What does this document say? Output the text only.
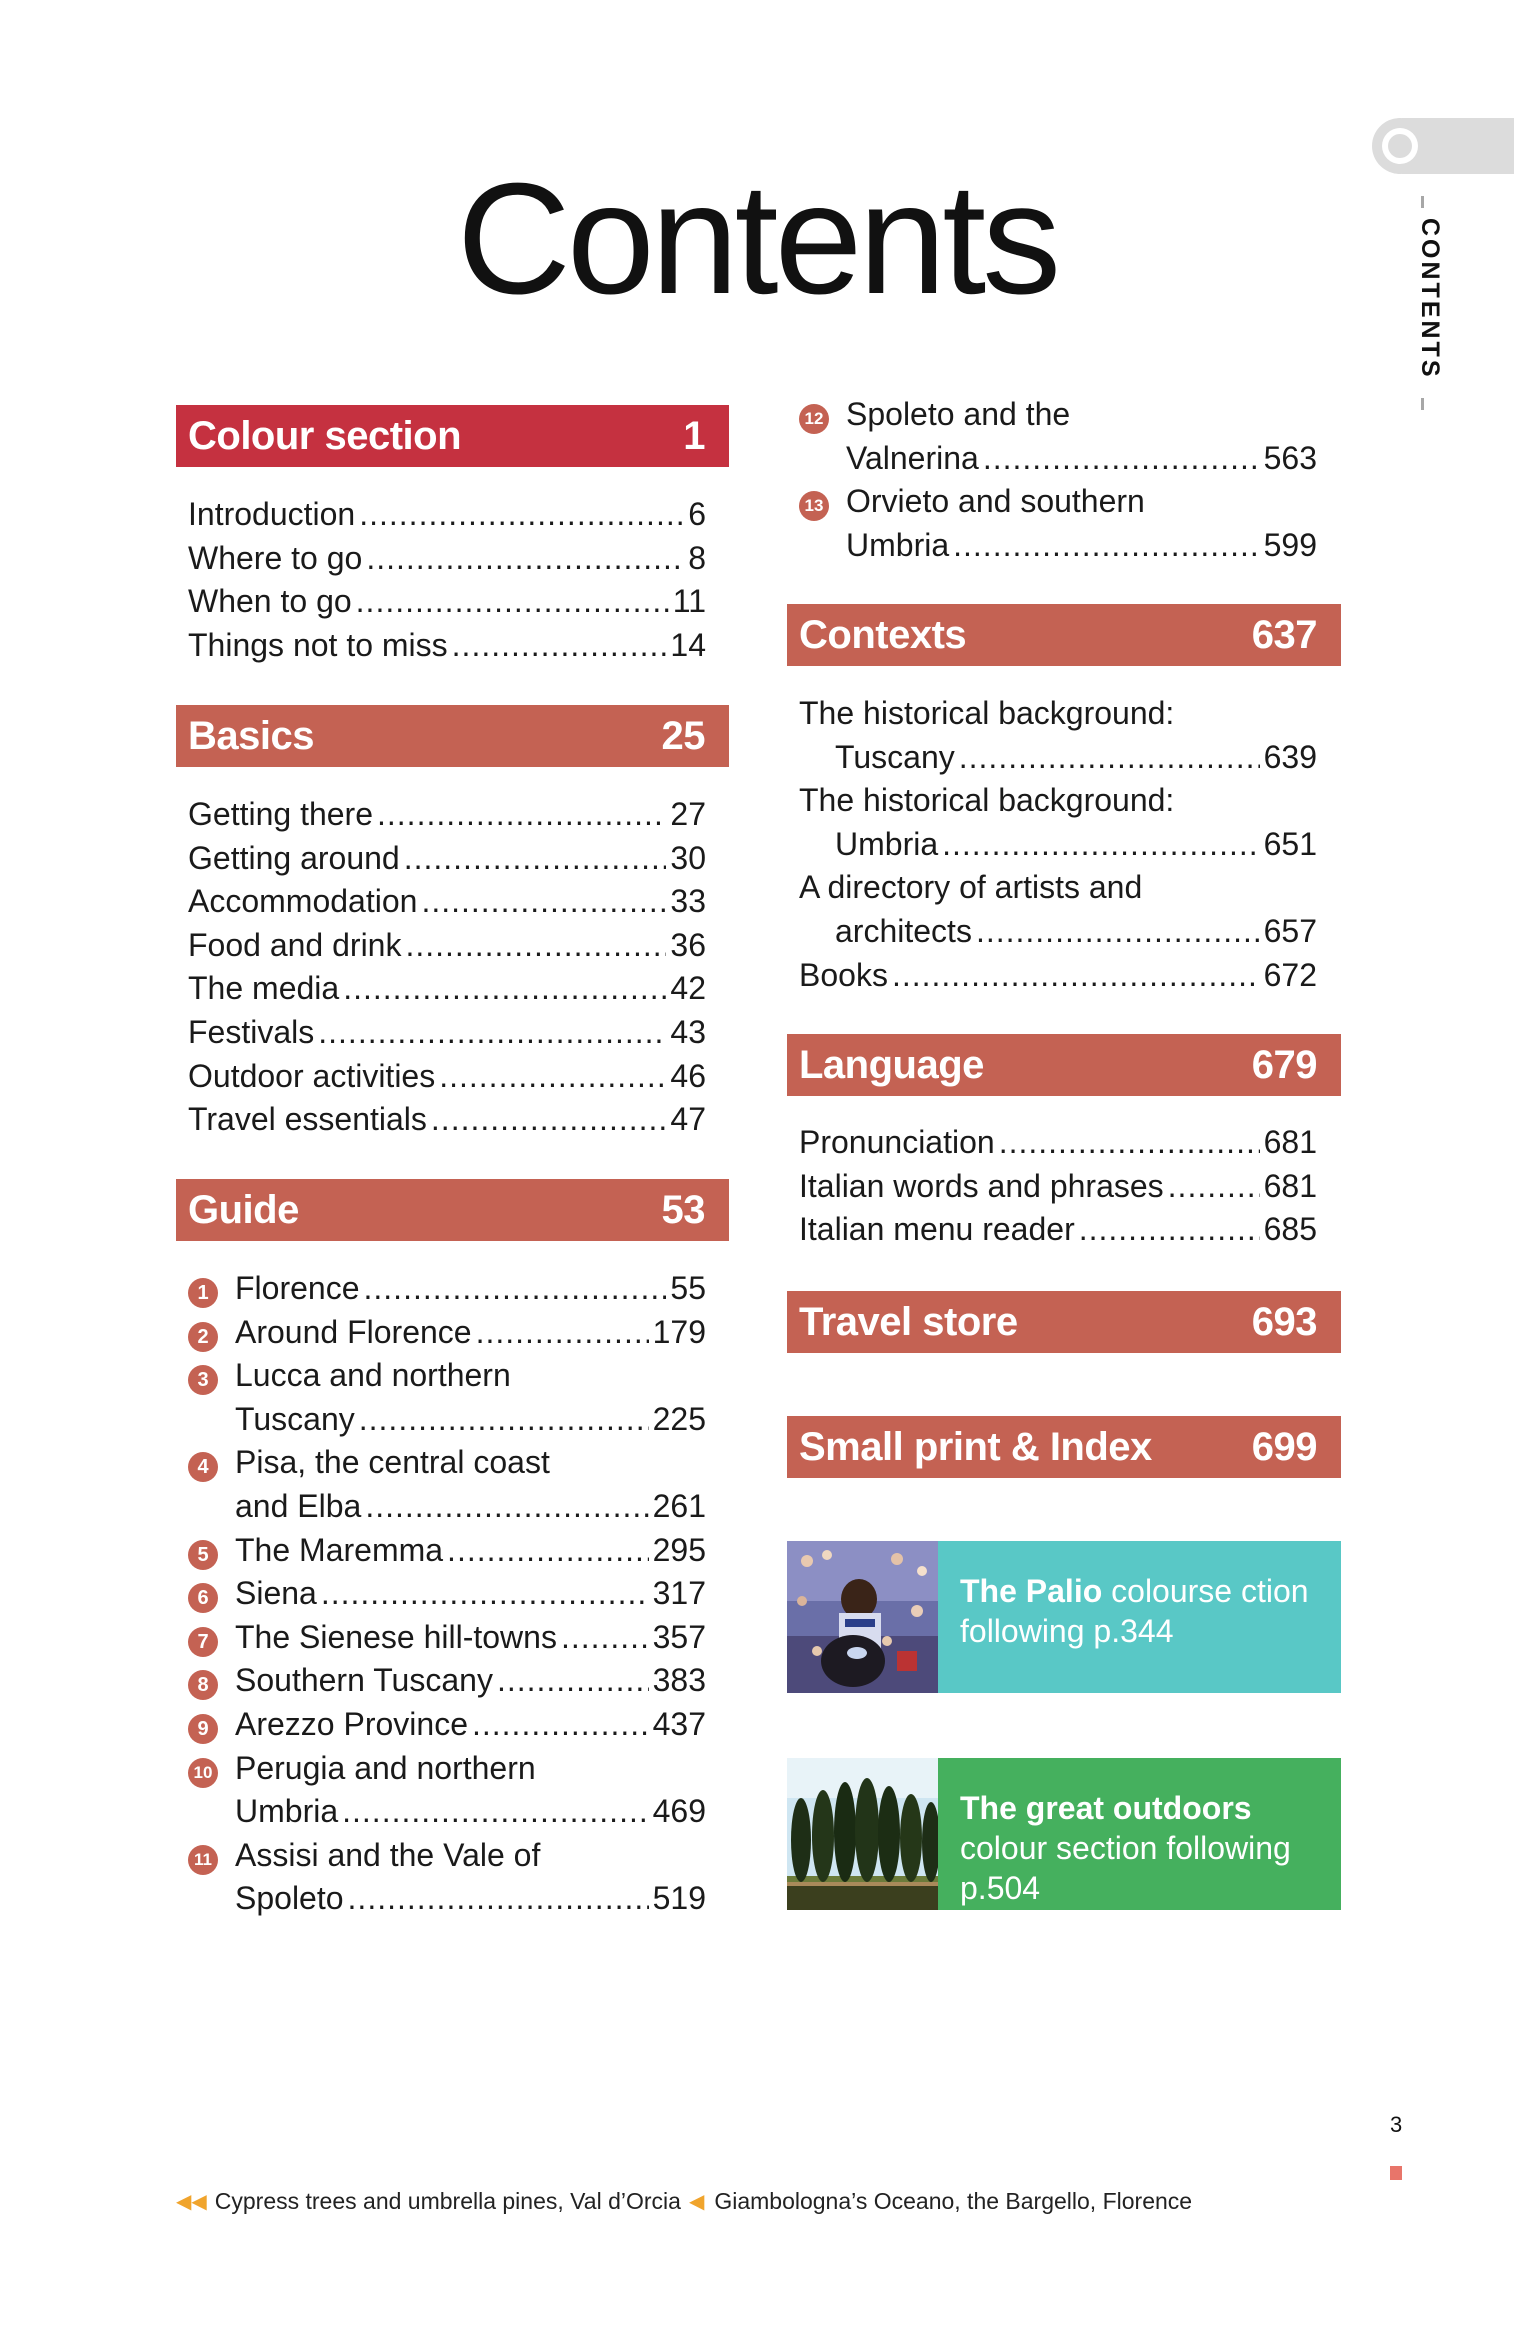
Contents	CONTENTS
Colour section	1
Introduction .....	6
Where to go .....	8
When to go .....	11
Things not to miss .....	14
Basics	25
Getting there .....	27
Getting around .....	30
Accommodation .....	33
Food and drink .....	36
The media .....	42
Festivals .....	43
Outdoor activities .....	46
Travel essentials .....	47
Guide	53
1 Florence .....	55
2 Around Florence .....	179
3 Lucca and northern
Tuscany .....	225
4 Pisa, the central coast
and Elba .....	261
5 The Maremma .....	295
6 Siena .....	317
7 The Sienese hill-towns .....	357
8 Southern Tuscany .....	383
9 Arezzo Province .....	437
10 Perugia and northern
Umbria .....	469
11 Assisi and the Vale of
Spoleto .....	519
12 Spoleto and the
Valnerina .....	563
13 Orvieto and southern
Umbria .....	599
Contexts	637
The historical background:
Tuscany .....	639
The historical background:
Umbria .....	651
A directory of artists and
architects .....	657
Books .....	672
Language	679
Pronunciation .....	681
Italian words and phrases .....	681
Italian menu reader .....	685
Travel store	693
Small print & Index 699
The Palio colourse ction following p.344
The great outdoors
colour section following p.504
3
◀◀ Cypress trees and umbrella pines, Val d’Orcia ◀ Giambologna’s Oceano, the Bargello, Florence
